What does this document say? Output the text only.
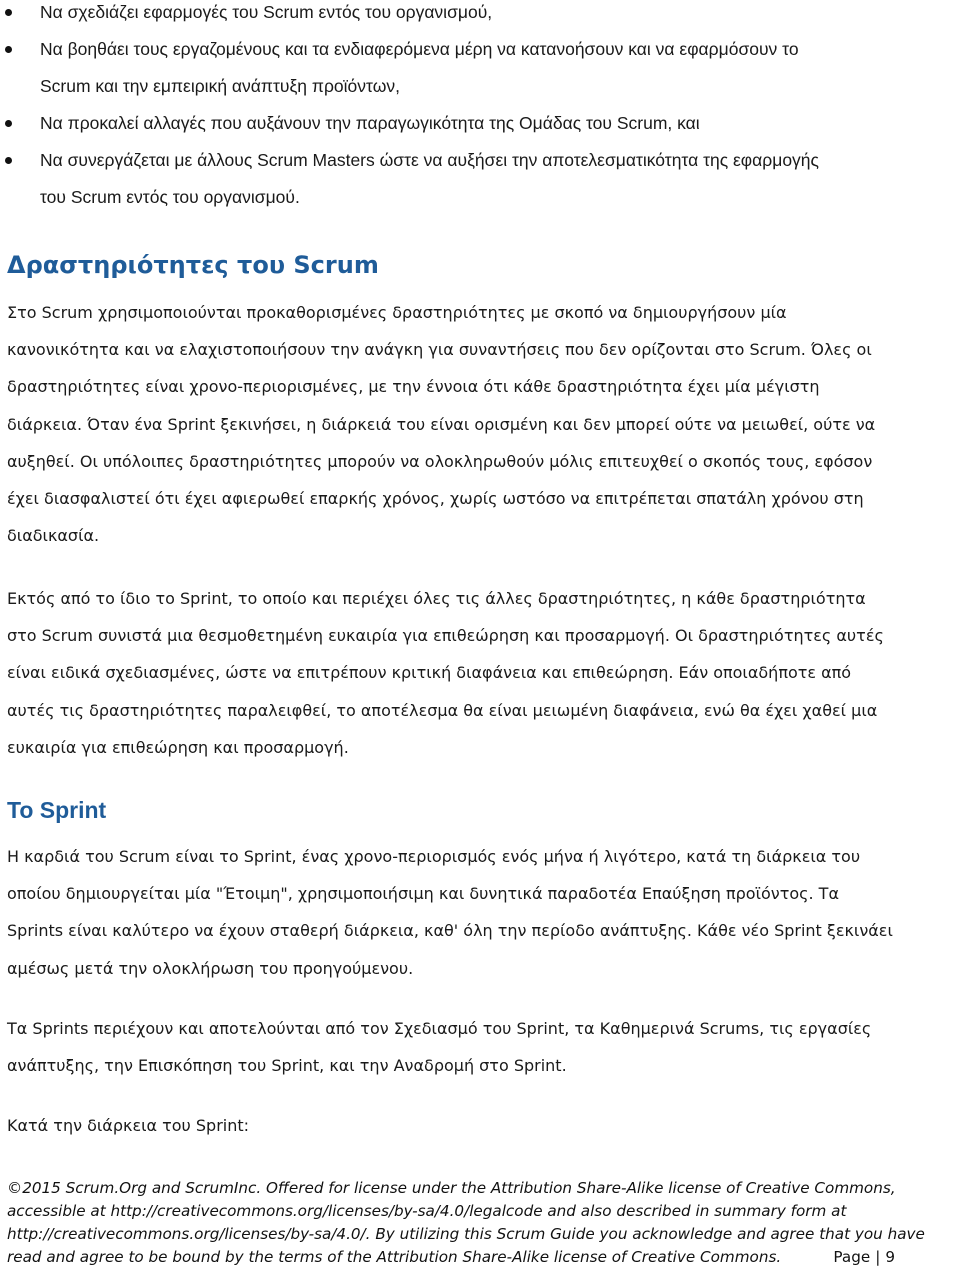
Να σχεδιάζει εφαρμογές του Scrum εντός του οργανισμού,
Να βοηθάει τους εργαζομένους και τα ενδιαφερόμενα μέρη να κατανοήσουν και να εφαρμόσουν το Scrum και την εμπειρική ανάπτυξη προϊόντων,
Να προκαλεί αλλαγές που αυξάνουν την παραγωγικότητα της Ομάδας του Scrum, και
Να συνεργάζεται με άλλους Scrum Masters ώστε να αυξήσει την αποτελεσματικότητα της εφαρμογής του Scrum εντός του οργανισμού.
Δραστηριότητες του Scrum

Στο Scrum χρησιμοποιούνται προκαθορισμένες δραστηριότητες με σκοπό να δημιουργήσουν μία κανονικότητα και να ελαχιστοποιήσουν την ανάγκη για συναντήσεις που δεν ορίζονται στο Scrum. Όλες οι δραστηριότητες είναι χρονο-περιορισμένες, με την έννοια ότι κάθε δραστηριότητα έχει μία μέγιστη διάρκεια. Όταν ένα Sprint ξεκινήσει, η διάρκειά του είναι ορισμένη και δεν μπορεί ούτε να μειωθεί, ούτε να αυξηθεί. Οι υπόλοιπες δραστηριότητες μπορούν να ολοκληρωθούν μόλις επιτευχθεί ο σκοπός τους, εφόσον έχει διασφαλιστεί ότι έχει αφιερωθεί επαρκής χρόνος, χωρίς ωστόσο να επιτρέπεται σπατάλη χρόνου στη διαδικασία.

Εκτός από το ίδιο το Sprint, το οποίο και περιέχει όλες τις άλλες δραστηριότητες, η κάθε δραστηριότητα στο Scrum συνιστά μια θεσμοθετημένη ευκαιρία για επιθεώρηση και προσαρμογή. Οι δραστηριότητες αυτές είναι ειδικά σχεδιασμένες, ώστε να επιτρέπουν κριτική διαφάνεια και επιθεώρηση. Εάν οποιαδήποτε από αυτές τις δραστηριότητες παραλειφθεί, το αποτέλεσμα θα είναι μειωμένη διαφάνεια, ενώ θα έχει χαθεί μια ευκαιρία για επιθεώρηση και προσαρμογή.

Το Sprint

Η καρδιά του Scrum είναι το Sprint, ένας χρονο-περιορισμός ενός μήνα ή λιγότερο, κατά τη διάρκεια του οποίου δημιουργείται μία "Έτοιμη", χρησιμοποιήσιμη και δυνητικά παραδοτέα Επαύξηση προϊόντος. Τα Sprints είναι καλύτερο να έχουν σταθερή διάρκεια, καθ' όλη την περίοδο ανάπτυξης. Κάθε νέο Sprint ξεκινάει αμέσως μετά την ολοκλήρωση του προηγούμενου.

Τα Sprints περιέχουν και αποτελούνται από τον Σχεδιασμό του Sprint, τα Καθημερινά Scrums, τις εργασίες ανάπτυξης, την Επισκόπηση του Sprint, και την Αναδρομή στο Sprint.

Κατά την διάρκεια του Sprint:

©2015 Scrum.Org and ScrumInc. Offered for license under the Attribution Share-Alike license of Creative Commons, accessible at http://creativecommons.org/licenses/by-sa/4.0/legalcode and also described in summary form at http://creativecommons.org/licenses/by-sa/4.0/. By utilizing this Scrum Guide you acknowledge and agree that you have read and agree to be bound by the terms of the Attribution Share-Alike license of Creative Commons.	Page | 9
